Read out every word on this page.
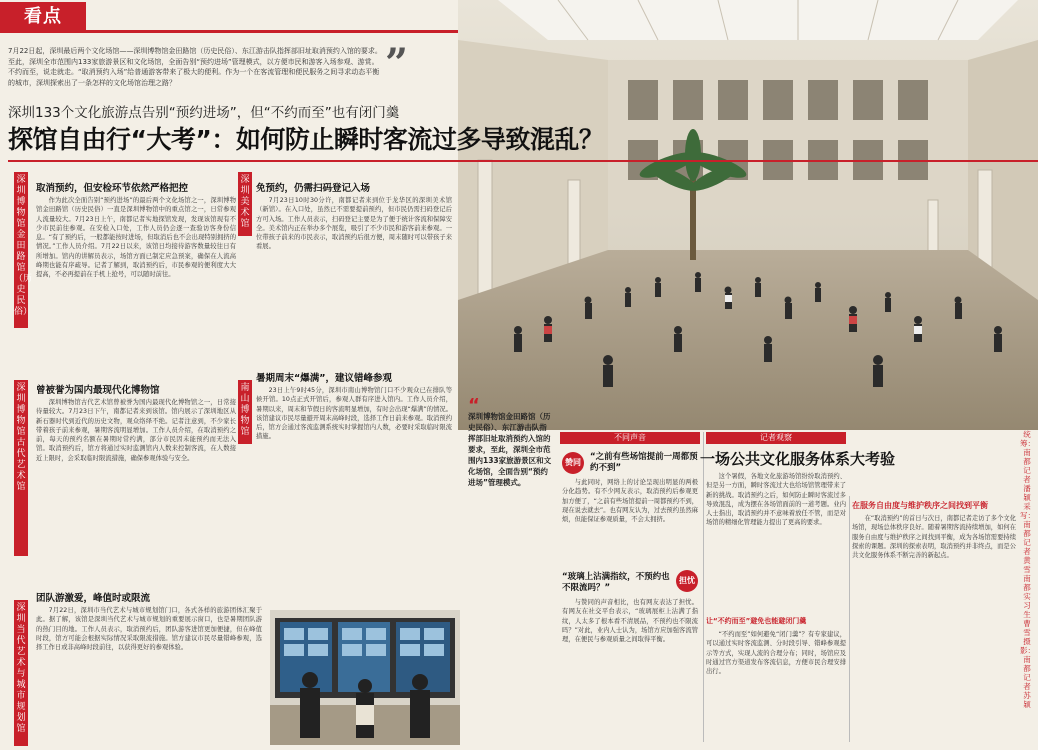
看点

7月22日起，深圳最后两个文化场馆——深圳博物馆金田路馆（历史民俗）、东江游击队指挥部旧址取消预约入馆的要求。至此，深圳全市范围内133家旅游景区和文化场馆，全面告别“预约进场”管理模式，以方便市民和游客入场参观、游赏。不约而至，说走就走。“取消预约入场”给普通游客带来了极大的便利。作为一个在客流管理和便民服务之间寻求动态平衡的城市，深圳探索出了一条怎样的文化场馆治理之路？	”
深圳133个文化旅游点告别“预约进场”，但“不约而至”也有闭门羹
探馆自由行“大考”：如何防止瞬时客流过多导致混乱？
深圳博物馆金田路馆（历史民俗）
取消预约，但安检环节依然严格把控

作为此次全面告别“预约进场”的最后两个文化场馆之一，深圳博物馆金田路馆（历史民俗）一直是深圳博物馆中的重点馆之一，日常参观人流量较大。7月23日上午，南都记者实地探馆发现，发现该馆现有不少市民前往参观。在安检入口处，工作人员仍会逐一查验访客身份信息。“有了预约后，一般都能按时进场，但取消后也不会出现特别拥挤的情况。”工作人员介绍。7月22日以来，该馆日均接待游客数量较往日有所增加。馆内的讲解员表示，场馆方面已制定应急预案，确保在人流高峰期也能有序疏导。记者了解到，取消预约后，市民参观的便利度大大提高，不必再提前在手机上抢号，可以随时前往。

深圳博物馆古代艺术馆
曾被誉为国内最现代化博物馆

深圳博物馆古代艺术馆曾被誉为国内最现代化博物馆之一，日常接待量较大。7月23日下午，南都记者来到该馆。馆内展示了深圳地区从新石器时代到近代的历史文物，观众络绎不绝。记者注意到，不少家长带着孩子前来参观，暑期客流明显增加。工作人员介绍，在取消预约之前，每天的预约名额在暑期时常约满，部分市民因未能预约而无法入馆。取消预约后，馆方将通过实时监测馆内人数来控制客流，在人数接近上限时，会采取临时限流措施，确保参观体验与安全。

深圳当代艺术与城市规划馆
团队游激爱，峰值时或限流

7月22日，深圳市当代艺术与城市规划馆门口，各式各样的旅游团体汇聚于此。据了解，该馆是深圳当代艺术与城市规划的重要展示窗口，也是暑期团队游的热门目的地。工作人员表示，取消预约后，团队游客进馆更加便捷，但在峰值时段，馆方可能会根据实际情况采取限流措施。馆方建议市民尽量错峰参观，选择工作日或非高峰时段前往，以获得更好的参观体验。

深圳美术馆
免预约，仍需扫码登记入场

7月23日10时30分许，南都记者来到位于龙华区的深圳美术馆（新馆）。在入口处，虽然已不需要提前预约，但市民仍需扫码登记后方可入场。工作人员表示，扫码登记主要是为了便于统计客流和保障安全。美术馆内正在举办多个展览，吸引了不少市民和游客前来参观。一位带孩子前来的市民表示，取消预约后很方便，周末随时可以带孩子来看展。

南山博物馆
暑期周末“爆满”，建议错峰参观

23日上午9时45分，深圳市南山博物馆门口不少观众已在排队等候开馆。10点正式开馆后，参观人群有序进入馆内。工作人员介绍，暑期以来，周末和节假日的客流明显增加，有时会出现“爆满”的情况。该馆建议市民尽量避开周末高峰时段，选择工作日前来参观。取消预约后，馆方会通过客流监测系统实时掌握馆内人数，必要时采取临时限流措施。

“
深圳博物馆金田路馆（历史民俗）、东江游击队指挥部旧址取消预约入馆的要求，至此，深圳全市范围内133家旅游景区和文化场馆，全面告别“预约进场”管理模式。
不同声音
赞同
“之前有些场馆提前一周都预约不到”

与此同时，网络上的讨论呈现出明显的两极分化趋势。有不少网友表示，取消预约后参观更加方便了，“之前有些场馆提前一周都预约不到，现在说去就去”。也有网友认为，过去预约虽然麻烦，但能保证参观质量，不会太拥挤。

担忧
“玻璃上沾满指纹，不预约也不限流吗？”

与赞同的声音相比，也有网友表达了担忧。有网友在社交平台表示，“玻璃展柜上沾满了指纹，人太多了根本看不清展品，不预约也不限流吗？”对此，业内人士认为，场馆方应加强客流管理，在便民与参观质量之间取得平衡。

记者观察
一场公共文化服务体系大考验

这个暑假，各地文化旅游场馆纷纷取消预约、但是另一方面，瞬时客流过大也给场馆管理带来了新的挑战。取消预约之后，如何防止瞬时客流过多导致混乱，成为摆在各场馆面前的一道考题。业内人士指出，取消预约并不意味着放任不管，而是对场馆的精细化管理能力提出了更高的要求。

让“不约而至”避免也能避闭门羹

“不约而至”如何避免“闭门羹”？有专家建议，可以通过实时客流监测、分时段引导、错峰参观提示等方式，实现人流的合理分布；同时，场馆应及时通过官方渠道发布客流信息，方便市民合理安排出行。

在服务自由度与维护秩序之间找到平衡

在“取消预约”的首日与次日，南都记者走访了多个文化场馆，现场总体秩序良好。随着暑期客流持续增加，如何在服务自由度与维护秩序之间找到平衡，成为各场馆需要持续探索的课题。深圳的探索表明，取消预约并非终点，而是公共文化服务体系不断完善的新起点。

统筹：南都记者 潘颖　采写：南都记者 黄雪 南都实习生 曹雪 摄影：南都记者 苏颖
